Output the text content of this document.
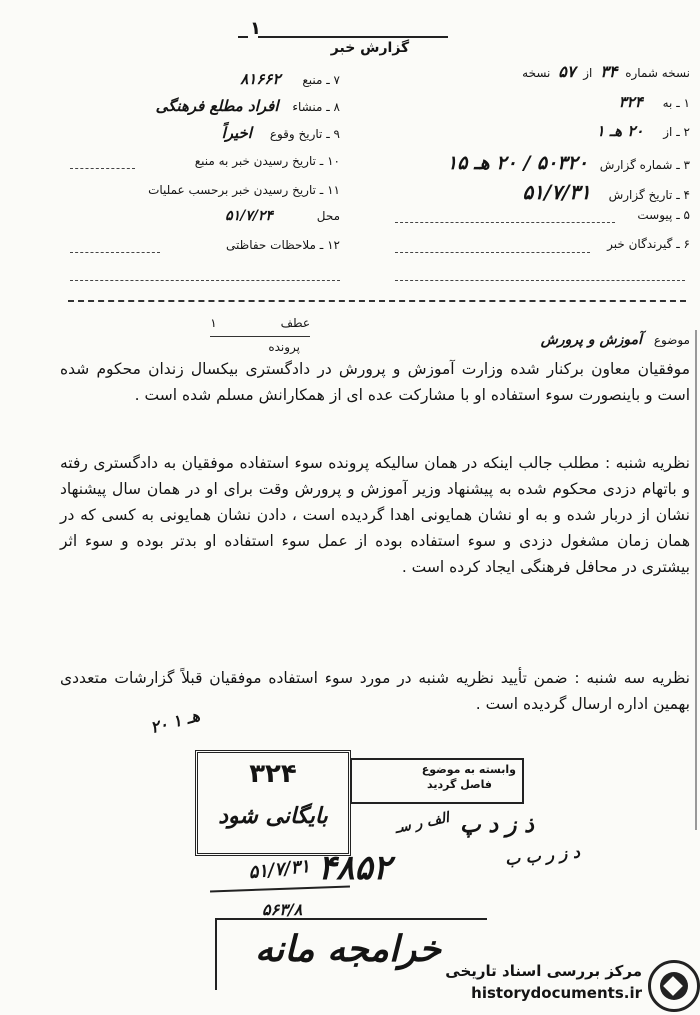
١
گزارش خبر
نسخه شماره ۳۴ از ۵۷ نسخه
۱ ـ به ۳۲۴
۲ ـ از ۲۰ هـ ۱
۳ ـ شماره گزارش ۵۰۳۲۰ / ۲۰ هـ ۱۵
۴ ـ تاریخ گزارش ۵۱/۷/۳۱
۵ ـ پیوست
۶ ـ گیرندگان خبر
۷ ـ منبع ۸۱۶۶۲
۸ ـ منشاء افراد مطلع فرهنگی
۹ ـ تاریخ وقوع اخیراً
۱۰ ـ تاریخ رسیدن خبر به منبع
۱۱ ـ تاریخ رسیدن خبر برحسب عملیات
محل ۵۱/۷/۲۴
۱۲ ـ ملاحظات حفاظتی
عطف ۱
پرونده	موضوع آموزش و پرورش
موفقیان معاون برکنار شده وزارت آموزش و پرورش در دادگستری بیکسال زندان محکوم شده است و باینصورت سوء استفاده او با مشارکت عده ای از همکارانش مسلم شده است .
نظریه شنبه : مطلب جالب اینکه در همان سالیکه پرونده سوء استفاده موفقیان به دادگستری رفته و باتهام دزدی محکوم شده به پیشنهاد وزیر آموزش و پرورش وقت برای او در همان سال پیشنهاد نشان از دربار شده و به او نشان همایونی اهدا گردیده است ، دادن نشان همایونی به کسی که در همان زمان مشغول دزدی و سوء استفاده بوده از عمل سوء استفاده او بدتر بوده و سوء اثر بیشتری در محافل فرهنگی ایجاد کرده است .
نظریه سه شنبه : ضمن تأیید نظریه شنبه در مورد سوء استفاده موفقیان قبلاً گزارشات متعددی بهمین اداره ارسال گردیده است .
۲۰ هـ ۱
۳۲۴
بایگانی شود
وابسته به موضوع
فاصل گردید
ذ ز د پ
الف ر سـ
۴۸۵۲	د ز ر ب ب
۵۱/۷/۳۱
۵۶۳/۸
خرامجه مانه
مرکز بررسی اسناد تاریخی
historydocuments.ir
